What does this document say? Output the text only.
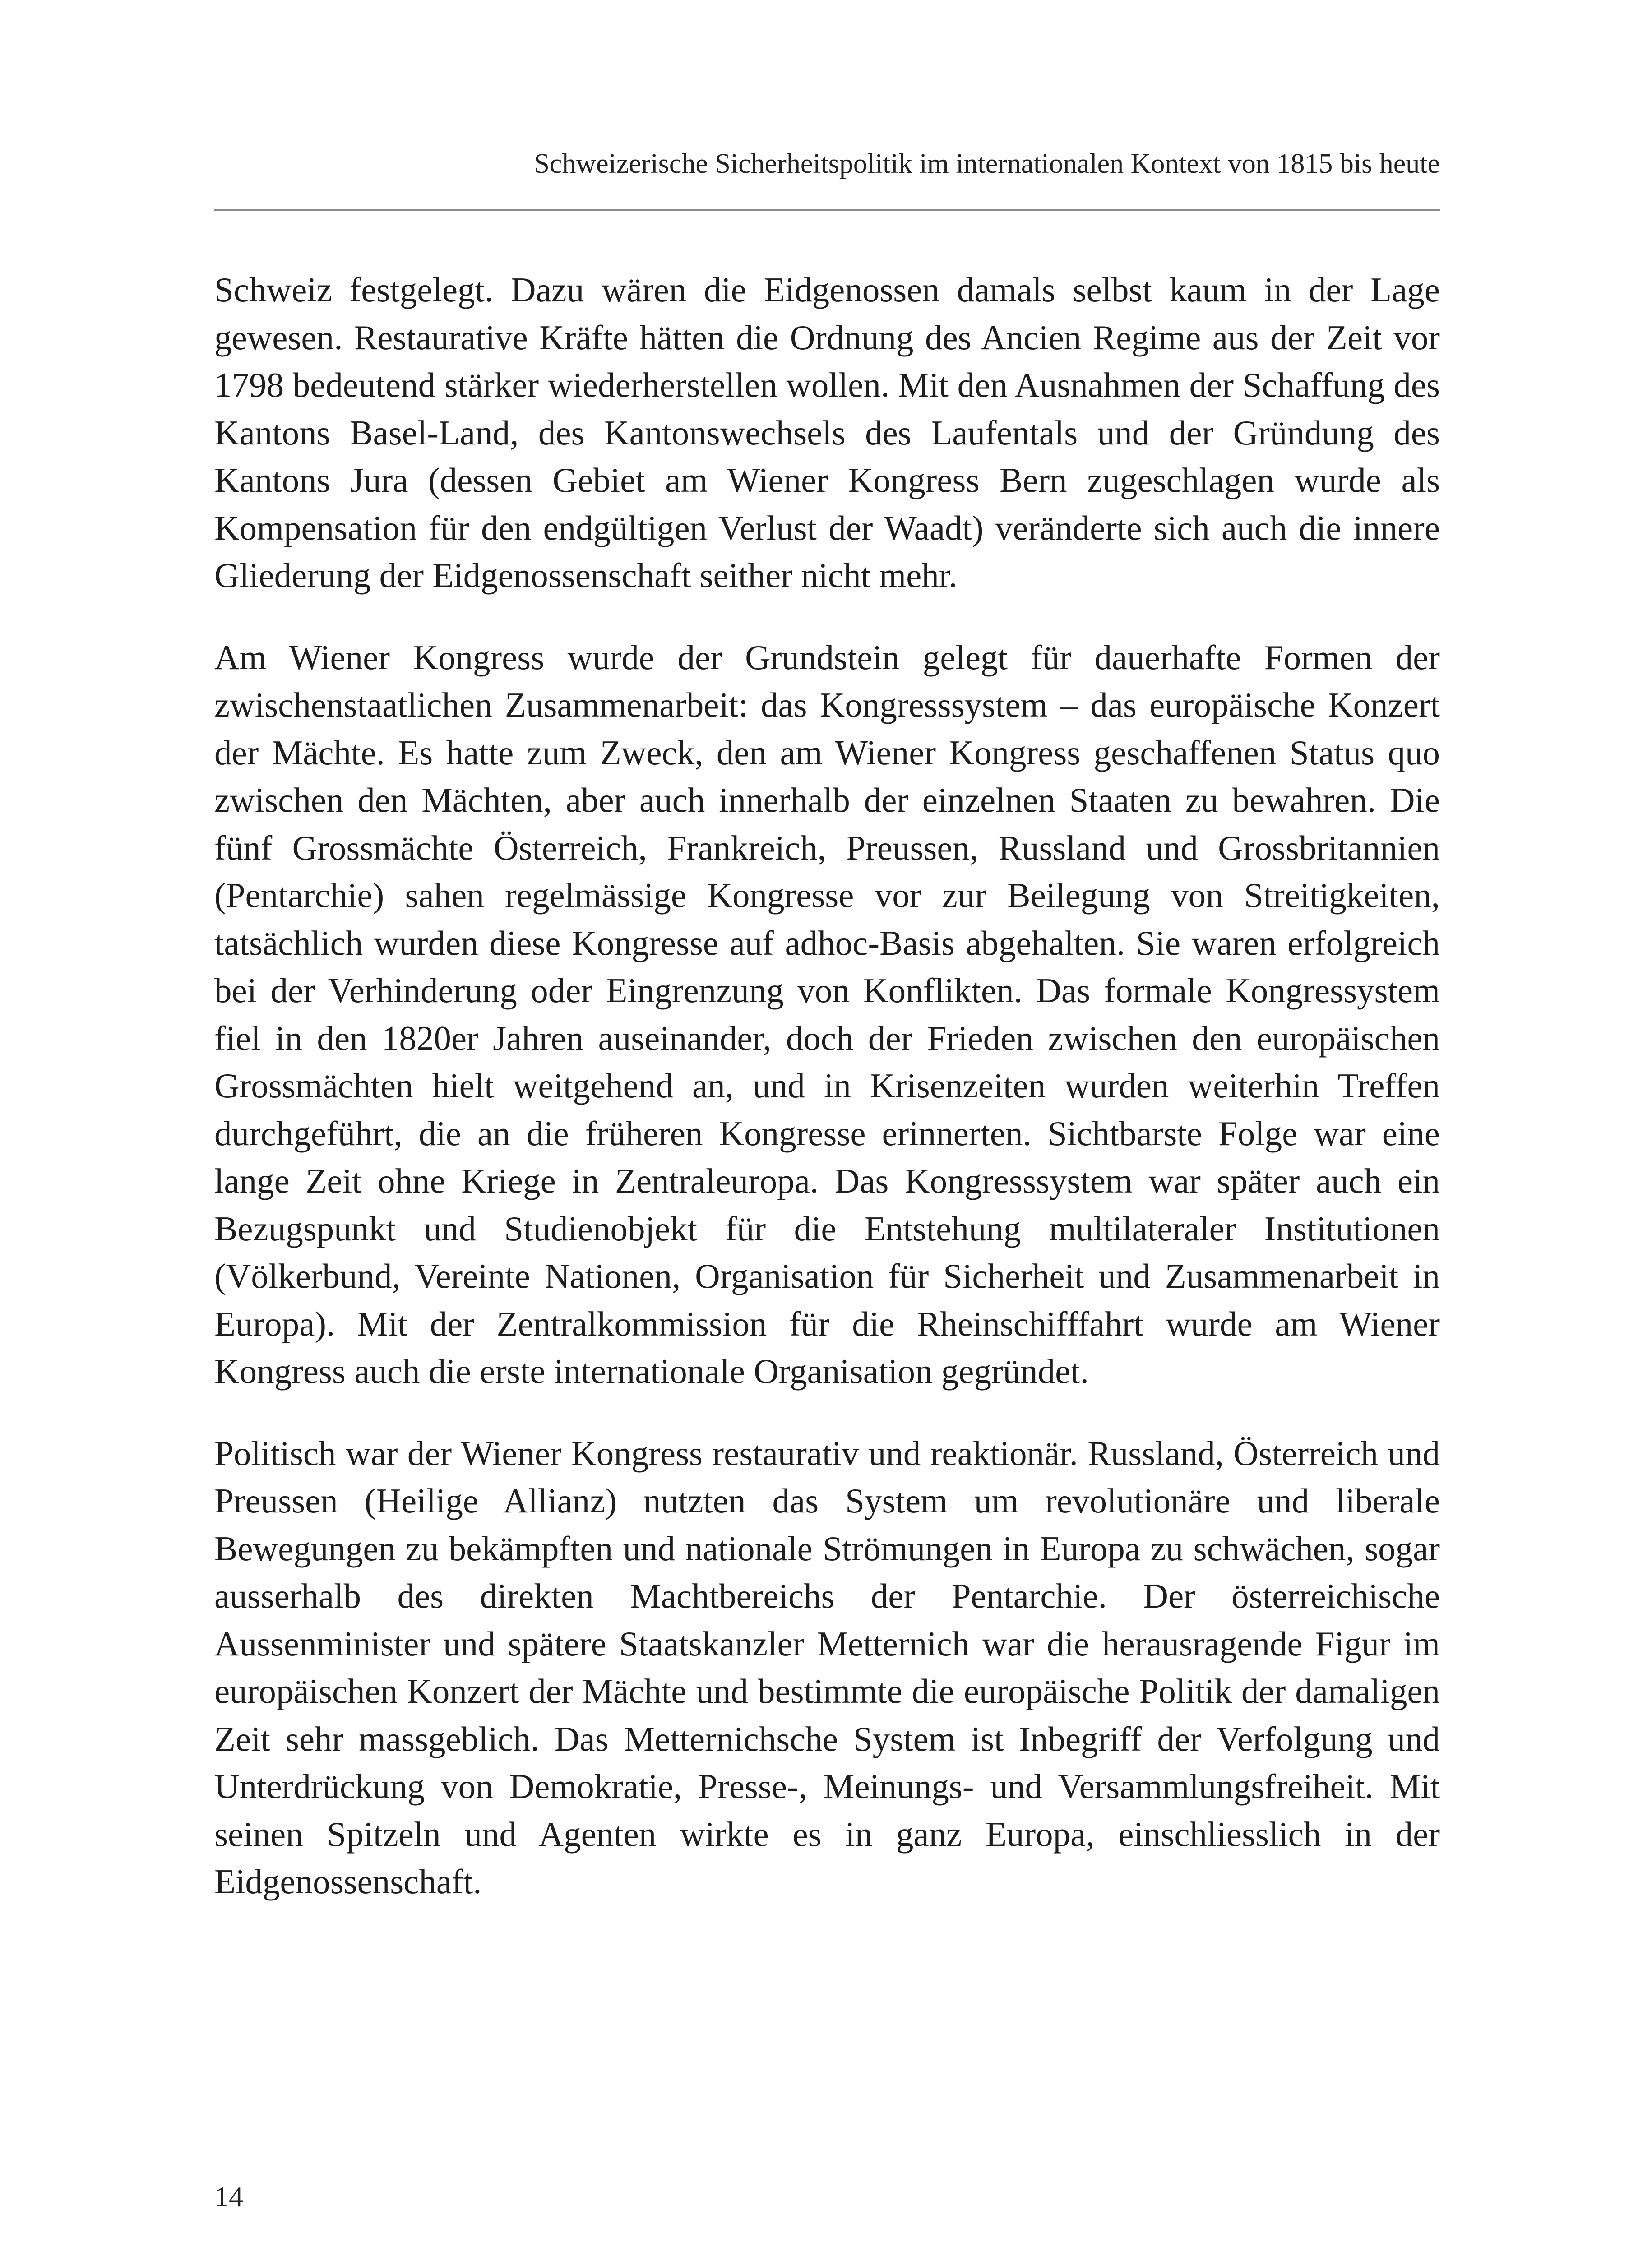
Schweizerische Sicherheitspolitik im internationalen Kontext von 1815 bis heute

Schweiz festgelegt. Dazu wären die Eidgenossen damals selbst kaum in der Lage gewesen. Restaurative Kräfte hätten die Ordnung des Ancien Regime aus der Zeit vor 1798 bedeutend stärker wiederherstellen wollen. Mit den Ausnahmen der Schaffung des Kantons Basel-Land, des Kantonswechsels des Laufentals und der Gründung des Kantons Jura (dessen Gebiet am Wiener Kongress Bern zugeschlagen wurde als Kompensation für den endgültigen Verlust der Waadt) veränderte sich auch die innere Gliederung der Eidgenossenschaft seither nicht mehr.

Am Wiener Kongress wurde der Grundstein gelegt für dauerhafte Formen der zwischenstaatlichen Zusammenarbeit: das Kongresssystem – das europäische Konzert der Mächte. Es hatte zum Zweck, den am Wiener Kongress geschaffenen Status quo zwischen den Mächten, aber auch innerhalb der einzelnen Staaten zu bewahren. Die fünf Grossmächte Österreich, Frankreich, Preussen, Russland und Grossbritannien (Pentarchie) sahen regelmässige Kongresse vor zur Beilegung von Streitigkeiten, tatsächlich wurden diese Kongresse auf adhoc-Basis abgehalten. Sie waren erfolgreich bei der Verhinderung oder Eingrenzung von Konflikten. Das formale Kongressystem fiel in den 1820er Jahren auseinander, doch der Frieden zwischen den europäischen Grossmächten hielt weitgehend an, und in Krisenzeiten wurden weiterhin Treffen durchgeführt, die an die früheren Kongresse erinnerten. Sichtbarste Folge war eine lange Zeit ohne Kriege in Zentraleuropa. Das Kongresssystem war später auch ein Bezugspunkt und Studienobjekt für die Entstehung multilateraler Institutionen (Völkerbund, Vereinte Nationen, Organisation für Sicherheit und Zusammenarbeit in Europa). Mit der Zentralkommission für die Rheinschifffahrt wurde am Wiener Kongress auch die erste internationale Organisation gegründet.

Politisch war der Wiener Kongress restaurativ und reaktionär. Russland, Österreich und Preussen (Heilige Allianz) nutzten das System um revolutionäre und liberale Bewegungen zu bekämpften und nationale Strömungen in Europa zu schwächen, sogar ausserhalb des direkten Machtbereichs der Pentarchie. Der österreichische Aussenminister und spätere Staatskanzler Metternich war die herausragende Figur im europäischen Konzert der Mächte und bestimmte die europäische Politik der damaligen Zeit sehr massgeblich. Das Metternichsche System ist Inbegriff der Verfolgung und Unterdrückung von Demokratie, Presse-, Meinungs- und Versammlungsfreiheit. Mit seinen Spitzeln und Agenten wirkte es in ganz Europa, einschliesslich in der Eidgenossenschaft.

14
